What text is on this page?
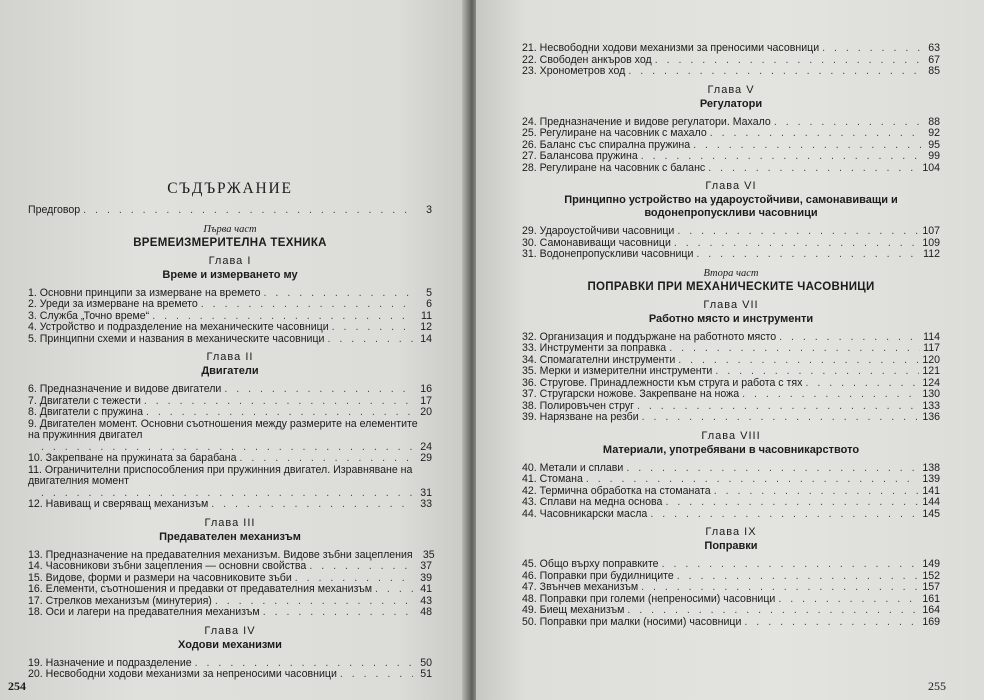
СЪДЪРЖАНИЕ
Предговор . . .	3
Първа част
ВРЕМЕИЗМЕРИТЕЛНА ТЕХНИКА
Глава I
Време и измерването му
1. Основни принципи за измерване на времето . . .	5
2. Уреди за измерване на времето . . .	6
3. Служба „Точно време“ . . .	11
4. Устройство и подразделение на механическите часовници . . .	12
5. Принципни схеми и названия в механическите часовници . . .	14
Глава II
Двигатели
6. Предназначение и видове двигатели . . .	16
7. Двигатели с тежести . . .	17
8. Двигатели с пружина . . .	20
9. Двигателен момент. Основни съотношения между размерите на елементите на пружинния двигател
. . .
24
10. Закрепване на пружината за барабана . . .	29
11. Ограничителни приспособления при пружинния двигател. Изравняване на двигателния момент
. . .
31
12. Навиващ и сверяващ механизъм . . .	33
Глава III
Предавателен механизъм
13. Предназначение на предавателния механизъм. Видове зъбни зацепления 35
14. Часовникови зъбни зацепления — основни свойства . . .	37
15. Видове, форми и размери на часовниковите зъби . . .	39
16. Елементи, съотношения и предавки от предавателния механизъм . . .	41
17. Стрелков механизъм (минутерия) . . .	43
18. Оси и лагери на предавателния механизъм . . .	48
Глава IV
Ходови механизми
19. Назначение и подразделение . . .	50
20. Несвободни ходови механизми за непреносими часовници . . .	51
254
21. Несвободни ходови механизми за преносими часовници . . .	63
22. Свободен анкъров ход . . .	67
23. Хронометров ход . . .	85
Глава V
Регулатори
24. Предназначение и видове регулатори. Махало . . .	88
25. Регулиране на часовник с махало . . .	92
26. Баланс със спирална пружина . . .	95
27. Балансова пружина . . .	99
28. Регулиране на часовник с баланс . . .	104
Глава VI
Принципно устройство на удароустойчиви, самонавиващи и водонепропускливи часовници
29. Удароустойчиви часовници . . .	107
30. Самонавиващи часовници . . .	109
31. Водонепропускливи часовници . . .	112
Втора част
ПОПРАВКИ ПРИ МЕХАНИЧЕСКИТЕ ЧАСОВНИЦИ
Глава VII
Работно място и инструменти
32. Организация и поддържане на работното място . . .	114
33. Инструменти за поправка . . .	117
34. Спомагателни инструменти . . .	120
35. Мерки и измерителни инструменти . . .	121
36. Стругове. Принадлежности към струга и работа с тях . . .	124
37. Стругарски ножове. Закрепване на ножа . . .	130
38. Полировъчен струг . . .	133
39. Нарязване на резби . . .	136
Глава VIII
Материали, употребявани в часовникарството
40. Метали и сплави . . .	138
41. Стомана . . .	139
42. Термична обработка на стоманата . . .	141
43. Сплави на медна основа . . .	144
44. Часовникарски масла . . .	145
Глава IX
Поправки
45. Общо върху поправките . . .	149
46. Поправки при будилниците . . .	152
47. Звънчев механизъм . . .	157
48. Поправки при големи (непреносими) часовници . . .	161
49. Биещ механизъм . . .	164
50. Поправки при малки (носими) часовници . . .	169
255
